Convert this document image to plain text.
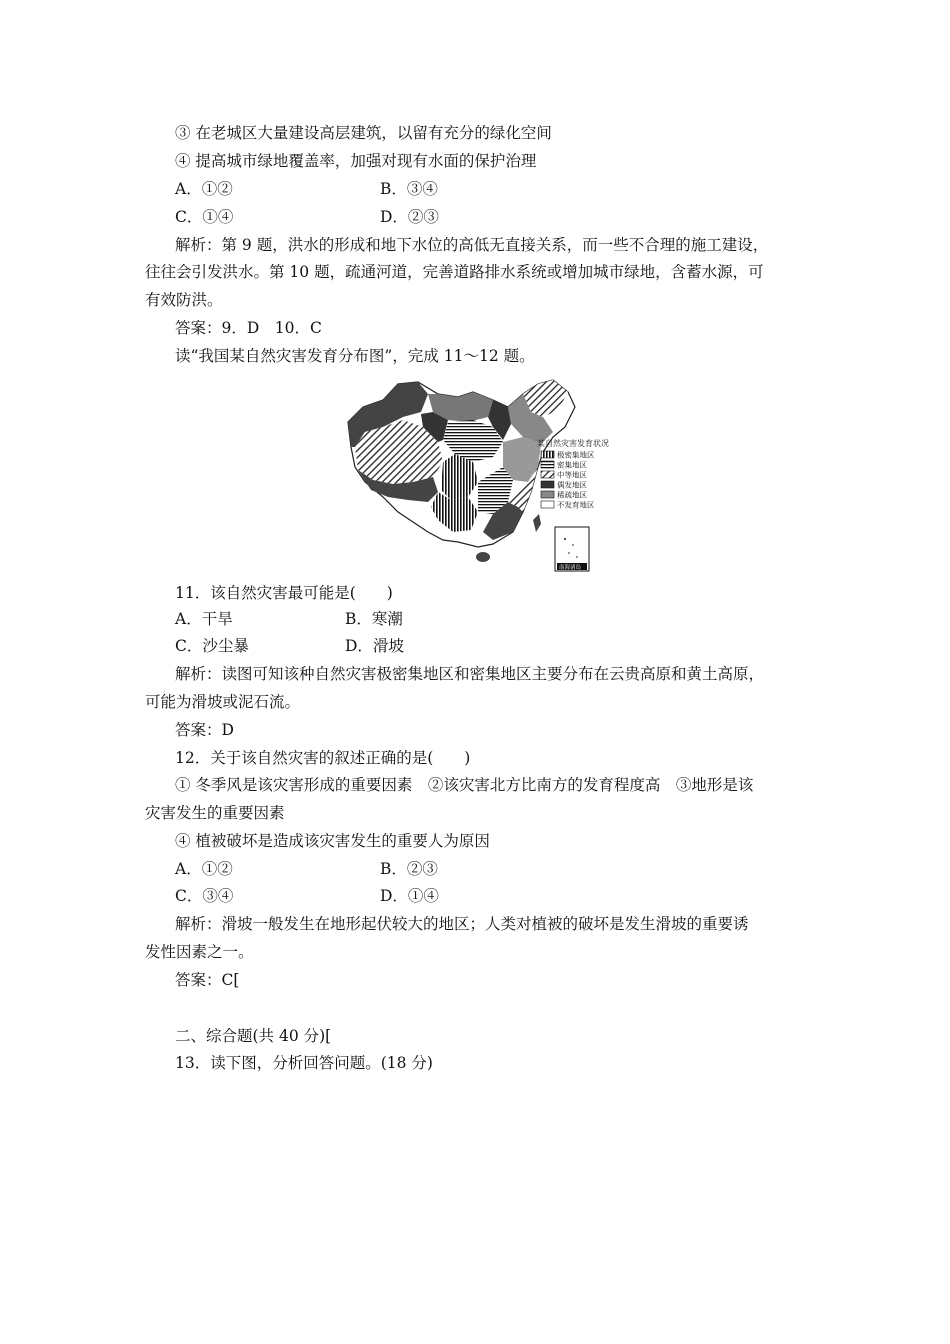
③ 在老城区大量建设高层建筑，以留有充分的绿化空间
④ 提高城市绿地覆盖率，加强对现有水面的保护治理
A．①②	B．③④
C．①④	D．②③
解析：第 9 题，洪水的形成和地下水位的高低无直接关系，而一些不合理的施工建设，
往往会引发洪水。第 10 题，疏通河道，完善道路排水系统或增加城市绿地，含蓄水源，可
有效防洪。
答案：9．D　10．C
读“我国某自然灾害发育分布图”，完成 11～12 题。
某自然灾害发育状况
极密集地区
密集地区
中等地区
偶发地区
稀疏地区
不发育地区
南海诸岛
11．该自然灾害最可能是(　　)
A．干旱	B．寒潮
C．沙尘暴	D．滑坡
解析：读图可知该种自然灾害极密集地区和密集地区主要分布在云贵高原和黄土高原，
可能为滑坡或泥石流。
答案：D
12．关于该自然灾害的叙述正确的是(　　)
① 冬季风是该灾害形成的重要因素　②该灾害北方比南方的发育程度高　③地形是该
灾害发生的重要因素
④ 植被破坏是造成该灾害发生的重要人为原因
A．①②	B．②③
C．③④	D．①④
解析：滑坡一般发生在地形起伏较大的地区；人类对植被的破坏是发生滑坡的重要诱
发性因素之一。
答案：C[
二、综合题(共 40 分)[
13．读下图，分析回答问题。(18 分)
